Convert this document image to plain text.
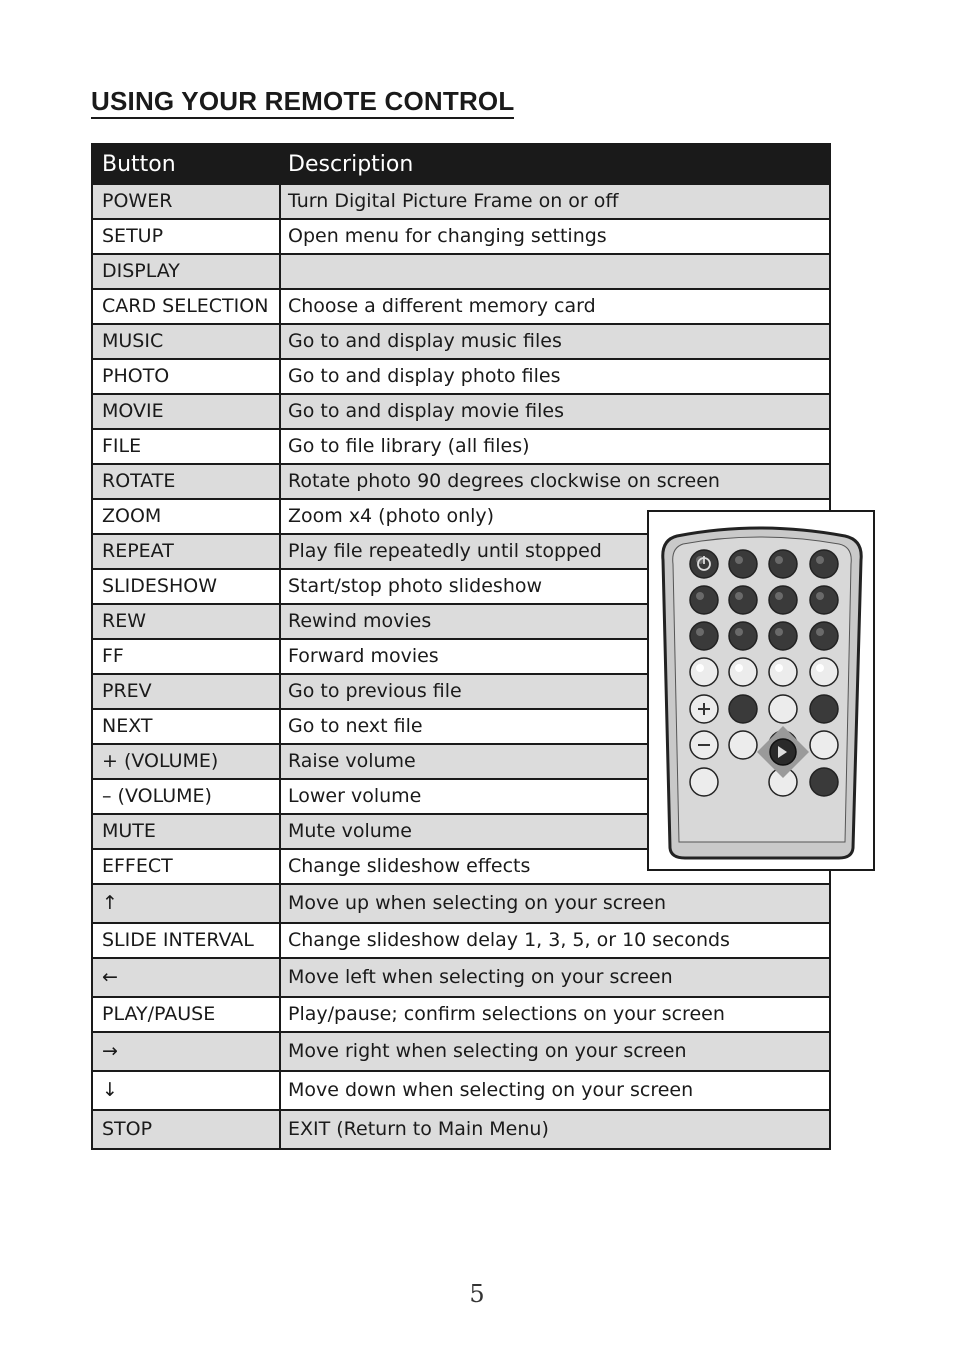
USING YOUR REMOTE CONTROL
Button	Description
POWER	Turn Digital Picture Frame on or off
SETUP	Open menu for changing settings
DISPLAY
CARD SELECTION	Choose a different memory card
MUSIC	Go to and display music files
PHOTO	Go to and display photo files
MOVIE	Go to and display movie files
FILE	Go to file library (all files)
ROTATE	Rotate photo 90 degrees clockwise on screen
ZOOM	Zoom x4 (photo only)
REPEAT	Play file repeatedly until stopped
SLIDESHOW	Start/stop photo slideshow
REW	Rewind movies
FF	Forward movies
PREV	Go to previous file
NEXT	Go to next file
+ (VOLUME)	Raise volume
– (VOLUME)	Lower volume
MUTE	Mute volume
EFFECT	Change slideshow effects
↑	Move up when selecting on your screen
SLIDE INTERVAL	Change slideshow delay 1, 3, 5, or 10 seconds
←	Move left when selecting on your screen
PLAY/PAUSE	Play/pause; confirm selections on your screen
→	Move right when selecting on your screen
↓	Move down when selecting on your screen
STOP	EXIT (Return to Main Menu)
5
